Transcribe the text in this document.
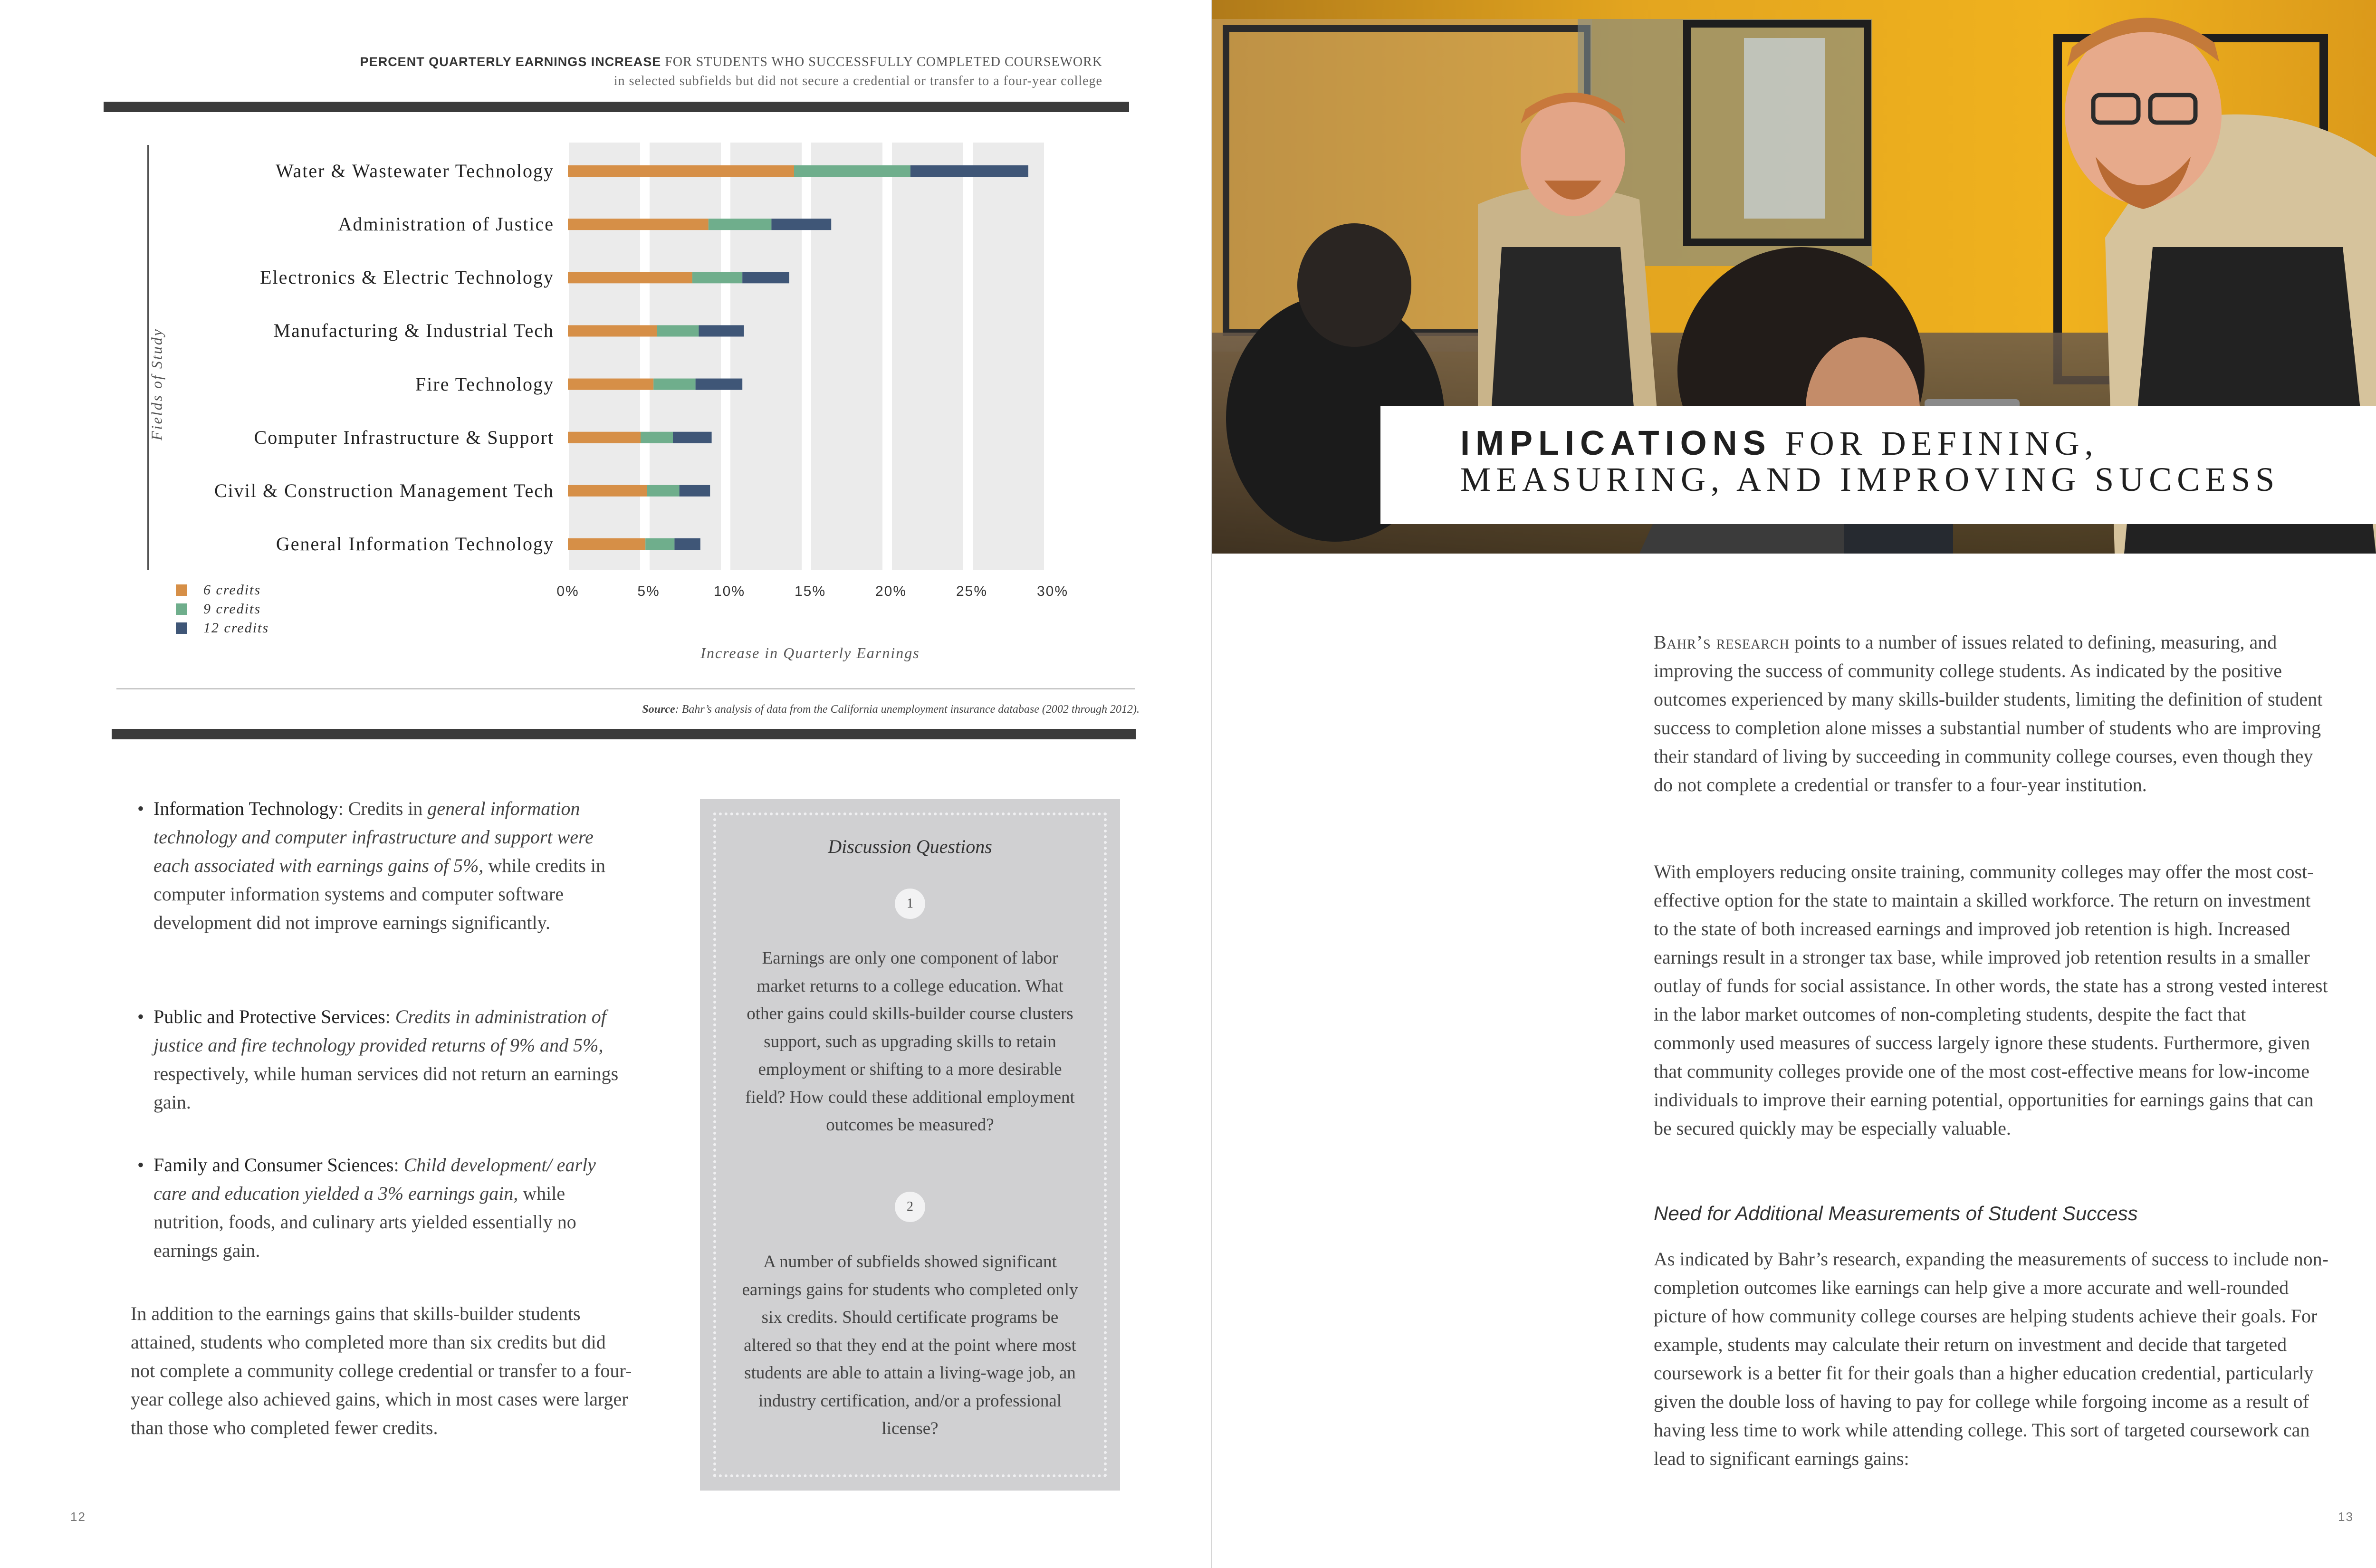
PERCENT QUARTERLY EARNINGS INCREASE FOR STUDENTS WHO SUCCESSFULLY COMPLETED COURSEWORK
in selected subfields but did not secure a credential or transfer to a four-year college
Water & Wastewater Technology
Administration of Justice
Electronics & Electric Technology
Manufacturing & Industrial Tech
Fire Technology
Computer Infrastructure & Support
Civil & Construction Management Tech
General Information Technology
Fields of Study
0%	5%	10%	15%	20%	25%	30%
Increase in Quarterly Earnings
6 credits
9 credits
12 credits
Source: Bahr’s analysis of data from the California unemployment insurance database (2002 through 2012).
• Information Technology: Credits in general information technology and computer infrastructure and support were each associated with earnings gains of 5%, while credits in computer information systems and computer software development did not improve earnings significantly.
• Public and Protective Services: Credits in administration of justice and fire technology provided returns of 9% and 5%, respectively, while human services did not return an earnings gain.
• Family and Consumer Sciences: Child development/ early care and education yielded a 3% earnings gain, while nutrition, foods, and culinary arts yielded essentially no earnings gain.
In addition to the earnings gains that skills-builder students attained, students who completed more than six credits but did not complete a community college credential or transfer to a four-year college also achieved gains, which in most cases were larger than those who completed fewer credits.
Discussion Questions
1
Earnings are only one component of labor market returns to a college education. What other gains could skills-builder course clusters support, such as upgrading skills to retain employment or shifting to a more desirable field? How could these additional employment outcomes be measured?
2
A number of subfields showed significant earnings gains for students who completed only six credits. Should certificate programs be altered so that they end at the point where most students are able to attain a living-wage job, an industry certification, and/or a professional license?
12
IMPLICATIONS FOR DEFINING,
MEASURING, AND IMPROVING SUCCESS
Bahr’s research points to a number of issues related to defining, measuring, and improving the success of community college students. As indicated by the positive outcomes experienced by many skills-builder students, limiting the definition of student success to completion alone misses a substantial number of students who are improving their standard of living by succeeding in community college courses, even though they do not complete a credential or transfer to a four-year institution.
With employers reducing onsite training, community colleges may offer the most cost-effective option for the state to maintain a skilled workforce. The return on investment to the state of both increased earnings and improved job retention is high. Increased earnings result in a stronger tax base, while improved job retention results in a smaller outlay of funds for social assistance. In other words, the state has a strong vested interest in the labor market outcomes of non-completing students, despite the fact that commonly used measures of success largely ignore these students. Furthermore, given that community colleges provide one of the most cost-effective means for low-income individuals to improve their earning potential, opportunities for earnings gains that can be secured quickly may be especially valuable.
Need for Additional Measurements of Student Success
As indicated by Bahr’s research, expanding the measurements of success to include non-completion outcomes like earnings can help give a more accurate and well-rounded picture of how community college courses are helping students achieve their goals. For example, students may calculate their return on investment and decide that targeted coursework is a better fit for their goals than a higher education credential, particularly given the double loss of having to pay for college while forgoing income as a result of having less time to work while attending college. This sort of targeted coursework can lead to significant earnings gains:
13
